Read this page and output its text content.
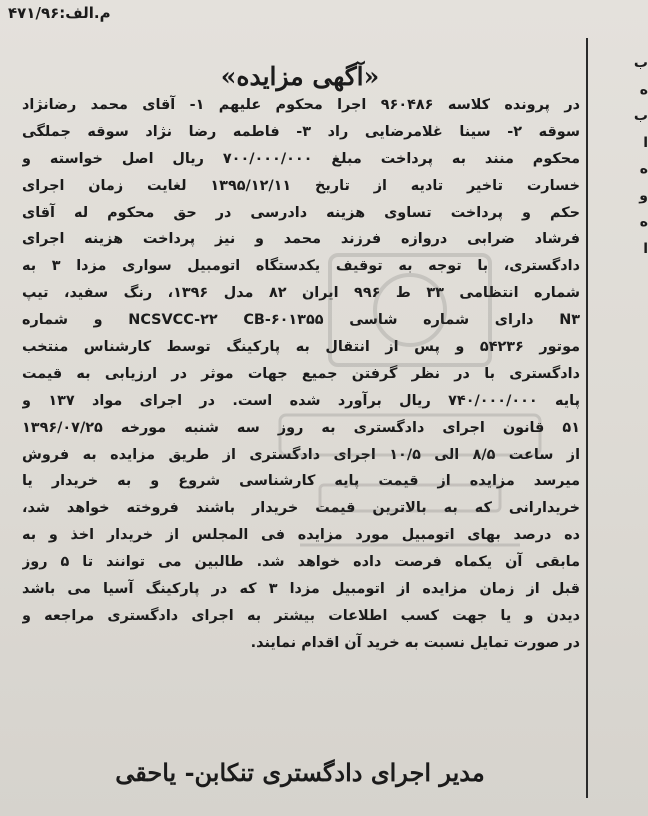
م.الف:۴۷۱/۹۶
ب
ه
ب
ا
ه
و
ه
ا
«آگهی مزایده»
در پرونده کلاسه ۹۶۰۴۸۶ اجرا محکوم علیهم ۱- آقای محمد رضانژاد
سوقه ۲- سینا غلامرضایی راد ۳- فاطمه رضا نژاد سوقه جملگی
محکوم منند به پرداخت مبلغ ۷۰۰/۰۰۰/۰۰۰ ریال اصل خواسته و
خسارت تاخیر تادیه از تاریخ ۱۳۹۵/۱۲/۱۱ لغایت زمان اجرای
حکم و پرداخت تساوی هزینه دادرسی در حق محکوم له آقای
فرشاد ضرابی دروازه فرزند محمد و نیز پرداخت هزینه اجرای
دادگستری، با توجه به توقیف یکدستگاه اتومبیل سواری مزدا ۳ به
شماره انتظامی ۳۳ ط ۹۹۶ ایران ۸۲ مدل ۱۳۹۶، رنگ سفید، تیپ
N۳ دارای شماره شاسی NCSVCC-۲۲ CB-۶۰۱۳۵۵ و شماره
موتور ۵۴۲۳۶ و پس از انتقال به پارکینگ توسط کارشناس منتخب
دادگستری با در نظر گرفتن جمیع جهات موثر در ارزیابی به قیمت
پایه ۷۴۰/۰۰۰/۰۰۰ ریال برآورد شده است. در اجرای مواد ۱۳۷ و
۵۱ قانون اجرای دادگستری به روز سه شنبه مورخه ۱۳۹۶/۰۷/۲۵
از ساعت ۸/۵ الی ۱۰/۵ اجرای دادگستری از طریق مزایده به فروش
میرسد مزایده از قیمت پایه کارشناسی شروع و به خریدار یا
خریدارانی که به بالاترین قیمت خریدار باشند فروخته خواهد شد،
ده درصد بهای اتومبیل مورد مزایده فی المجلس از خریدار اخذ و به
مابقی آن یکماه فرصت داده خواهد شد. طالبین می توانند تا ۵ روز
قبل از زمان مزایده از اتومبیل مزدا ۳ که در پارکینگ آسیا می باشد
دیدن و یا جهت کسب اطلاعات بیشتر به اجرای دادگستری مراجعه و
در صورت تمایل نسبت به خرید آن اقدام نمایند.
مدیر اجرای دادگستری تنکابن- یاحقی
